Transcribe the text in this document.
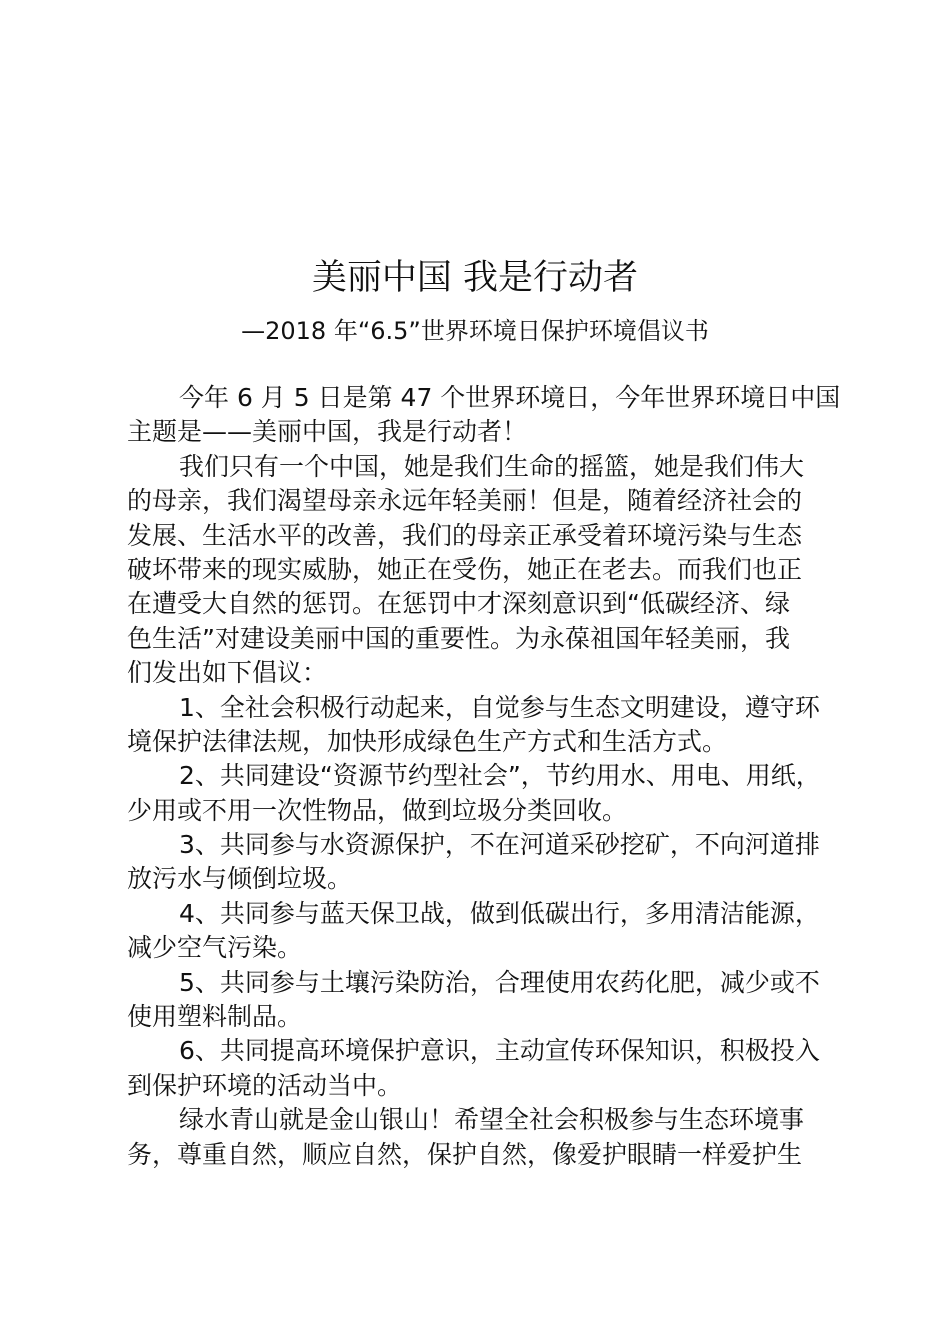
美丽中国 我是行动者
—2018 年“6.5”世界环境日保护环境倡议书
今年 6 月 5 日是第 47 个世界环境日，今年世界环境日中国
主题是——美丽中国，我是行动者！
我们只有一个中国，她是我们生命的摇篮，她是我们伟大
的母亲，我们渴望母亲永远年轻美丽！但是，随着经济社会的
发展、生活水平的改善，我们的母亲正承受着环境污染与生态
破坏带来的现实威胁，她正在受伤，她正在老去。而我们也正
在遭受大自然的惩罚。在惩罚中才深刻意识到“低碳经济、绿
色生活”对建设美丽中国的重要性。为永葆祖国年轻美丽，我
们发出如下倡议：
1、全社会积极行动起来，自觉参与生态文明建设，遵守环
境保护法律法规，加快形成绿色生产方式和生活方式。
2、共同建设“资源节约型社会”，节约用水、用电、用纸，
少用或不用一次性物品，做到垃圾分类回收。
3、共同参与水资源保护，不在河道采砂挖矿，不向河道排
放污水与倾倒垃圾。
4、共同参与蓝天保卫战，做到低碳出行，多用清洁能源，
减少空气污染。
5、共同参与土壤污染防治，合理使用农药化肥，减少或不
使用塑料制品。
6、共同提高环境保护意识，主动宣传环保知识，积极投入
到保护环境的活动当中。
绿水青山就是金山银山！希望全社会积极参与生态环境事
务，尊重自然，顺应自然，保护自然，像爱护眼睛一样爱护生
